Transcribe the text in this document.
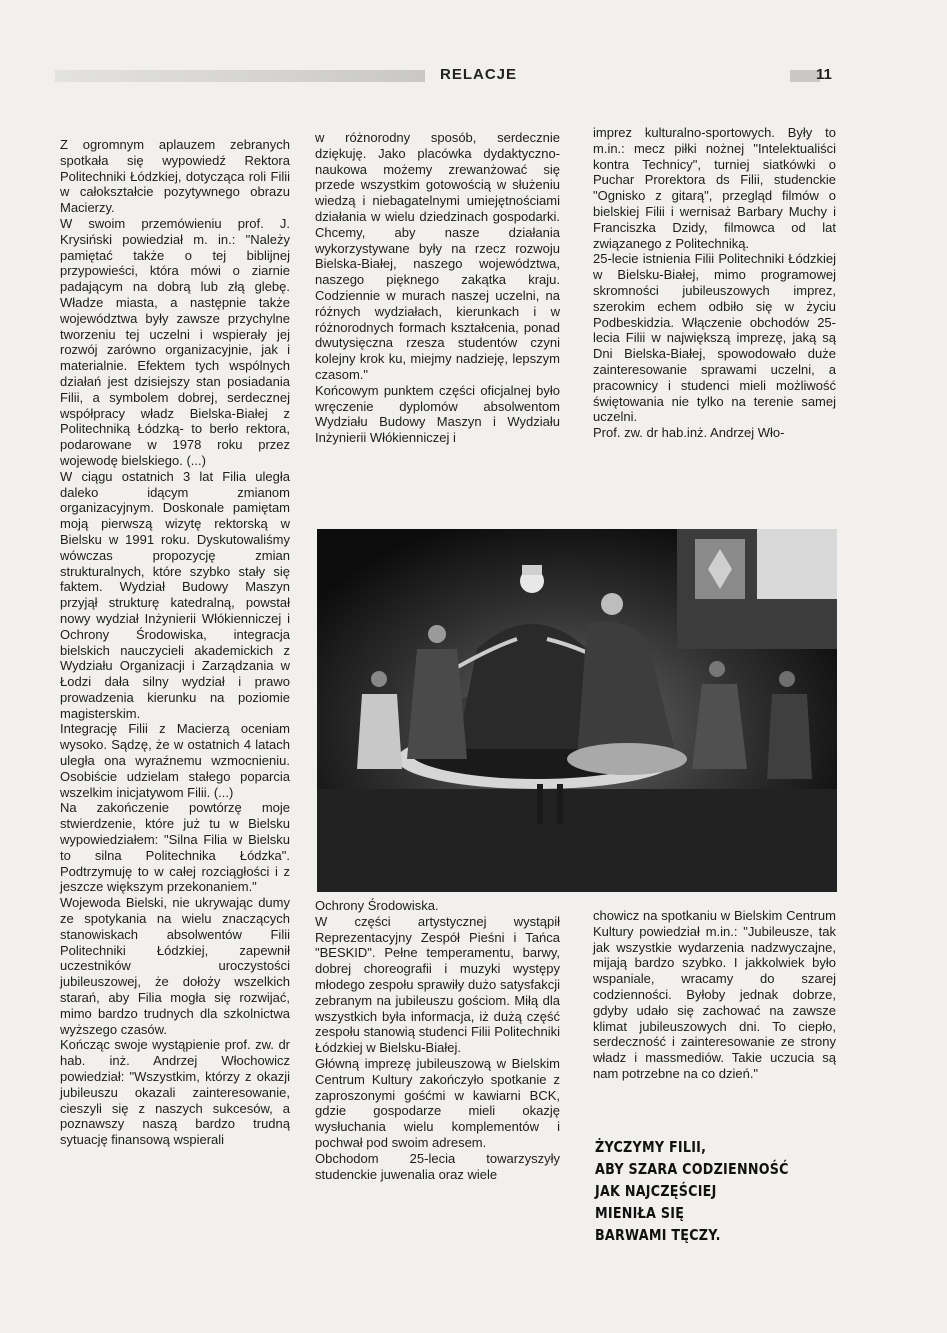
RELACJE	11

Z ogromnym aplauzem zebranych spotkała się wypowiedź Rektora Politechniki Łódzkiej, dotycząca roli Filii w całokształcie pozytywnego obrazu Macierzy.

W swoim przemówieniu prof. J. Krysiński powiedział m. in.: "Należy pamiętać także o tej biblijnej przypowieści, która mówi o ziarnie padającym na dobrą lub złą glebę. Władze miasta, a następnie także województwa były zawsze przychylne tworzeniu tej uczelni i wspierały jej rozwój zarówno organizacyjnie, jak i materialnie. Efektem tych wspólnych działań jest dzisiejszy stan posiadania Filii, a symbolem dobrej, serdecznej współpracy władz Bielska-Białej z Politechniką Łódzką- to berło rektora, podarowane w 1978 roku przez wojewodę bielskiego. (...)

W ciągu ostatnich 3 lat Filia uległa daleko idącym zmianom organizacyjnym. Doskonale pamiętam moją pierwszą wizytę rektorską w Bielsku w 1991 roku. Dyskutowaliśmy wówczas propozycję zmian strukturalnych, które szybko stały się faktem. Wydział Budowy Maszyn przyjął strukturę katedralną, powstał nowy wydział Inżynierii Włókienniczej i Ochrony Środowiska, integracja bielskich nauczycieli akademickich z Wydziału Organizacji i Zarządzania w Łodzi dała silny wydział i prawo prowadzenia kierunku na poziomie magisterskim.

Integrację Filii z Macierzą oceniam wysoko. Sądzę, że w ostatnich 4 latach uległa ona wyraźnemu wzmocnieniu. Osobiście udzielam stałego poparcia wszelkim inicjatywom Filii. (...)

Na zakończenie powtórzę moje stwierdzenie, które już tu w Bielsku wypowiedziałem: "Silna Filia w Bielsku to silna Politechnika Łódzka". Podtrzymuję to w całej rozciągłości i z jeszcze większym przekonaniem."

Wojewoda Bielski, nie ukrywając dumy ze spotykania na wielu znaczących stanowiskach absolwentów Filii Politechniki Łódzkiej, zapewnił uczestników uroczystości jubileuszowej, że dołoży wszelkich starań, aby Filia mogła się rozwijać, mimo bardzo trudnych dla szkolnictwa wyższego czasów.

Kończąc swoje wystąpienie prof. zw. dr hab. inż. Andrzej Włochowicz powiedział: "Wszystkim, którzy z okazji jubileuszu okazali zainteresowanie, cieszyli się z naszych sukcesów, a poznawszy naszą bardzo trudną sytuację finansową wspierali

w różnorodny sposób, serdecznie dziękuję. Jako placówka dydaktyczno-naukowa możemy zrewanżować się przede wszystkim gotowością w służeniu wiedzą i niebagatelnymi umiejętnościami działania w wielu dziedzinach gospodarki. Chcemy, aby nasze działania wykorzystywane były na rzecz rozwoju Bielska-Białej, naszego województwa, naszego pięknego zakątka kraju. Codziennie w murach naszej uczelni, na różnych wydziałach, kierunkach i w różnorodnych formach kształcenia, ponad dwutysięczna rzesza studentów czyni kolejny krok ku, miejmy nadzieję, lepszym czasom."

Końcowym punktem części oficjalnej było wręczenie dyplomów absolwentom Wydziału Budowy Maszyn i Wydziału Inżynierii Włókienniczej i

imprez kulturalno-sportowych. Były to m.in.: mecz piłki nożnej "Intelektualiści kontra Technicy", turniej siatkówki o Puchar Prorektora ds Filii, studenckie "Ognisko z gitarą", przegląd filmów o bielskiej Filii i wernisaż Barbary Muchy i Franciszka Dzidy, filmowca od lat związanego z Politechniką.

25-lecie istnienia Filii Politechniki Łódzkiej w Bielsku-Białej, mimo programowej skromności jubileuszowych imprez, szerokim echem odbiło się w życiu Podbeskidzia. Włączenie obchodów 25-lecia Filii w największą imprezę, jaką są Dni Bielska-Białej, spowodowało duże zainteresowanie sprawami uczelni, a pracownicy i studenci mieli możliwość świętowania nie tylko na terenie samej uczelni.

Prof. zw. dr hab.inż. Andrzej Wło-

Ochrony Środowiska.

W części artystycznej wystąpił Reprezentacyjny Zespół Pieśni i Tańca "BESKID". Pełne temperamentu, barwy, dobrej choreografii i muzyki występy młodego zespołu sprawiły dużo satysfakcji zebranym na jubileuszu gościom. Miłą dla wszystkich była informacja, iż dużą część zespołu stanowią studenci Filii Politechniki Łódzkiej w Bielsku-Białej.

Główną imprezę jubileuszową w Bielskim Centrum Kultury zakończyło spotkanie z zaproszonymi gośćmi w kawiarni BCK, gdzie gospodarze mieli okazję wysłuchania wielu komplementów i pochwał pod swoim adresem.

Obchodom 25-lecia towarzyszyły studenckie juwenalia oraz wiele

chowicz na spotkaniu w Bielskim Centrum Kultury powiedział m.in.: "Jubileusze, tak jak wszystkie wydarzenia nadzwyczajne, mijają bardzo szybko. I jakkolwiek było wspaniale, wracamy do szarej codzienności. Byłoby jednak dobrze, gdyby udało się zachować na zawsze klimat jubileuszowych dni. To ciepło, serdeczność i zainteresowanie ze strony władz i massmediów. Takie uczucia są nam potrzebne na co dzień."

ŻYCZYMY FILII,
ABY SZARA CODZIENNOŚĆ
JAK NAJCZĘŚCIEJ
MIENIŁA SIĘ
BARWAMI TĘCZY.
